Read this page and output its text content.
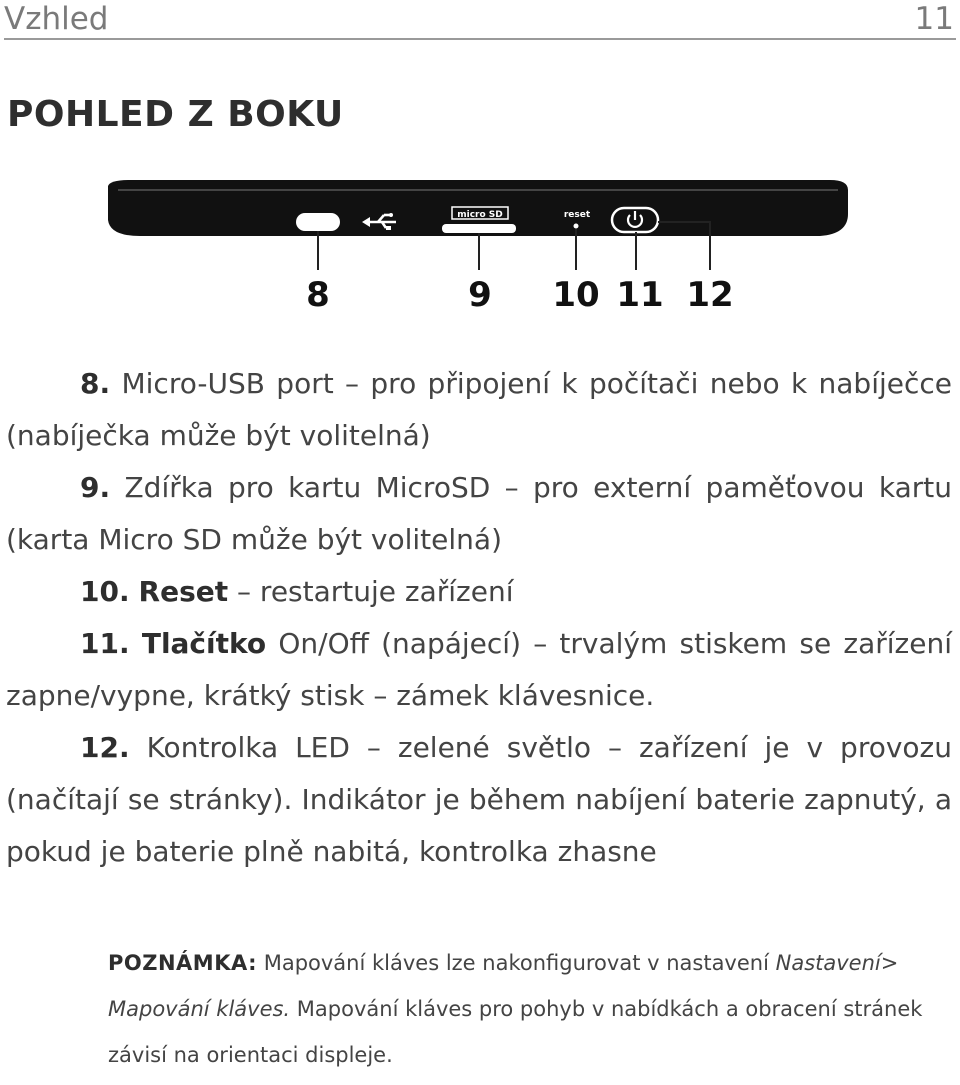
Vzhled	11
POHLED Z BOKU
micro SD	reset
8	9 10 11 12

8. Micro-USB port – pro připojení k počítači nebo k nabíječce (nabíječka může být volitelná)

9. Zdířka pro kartu MicroSD – pro externí paměťovou kartu (karta Micro SD může být volitelná)

10. Reset – restartuje zařízení

11. Tlačítko On/Off (napájecí) – trvalým stiskem se zařízení zapne/vypne, krátký stisk – zámek klávesnice.

12. Kontrolka LED – zelené světlo – zařízení je v provozu (načítají se stránky). Indikátor je během nabíjení baterie zapnutý, a pokud je baterie plně nabitá, kontrolka zhasne

POZNÁMKA: Mapování kláves lze nakonfigurovat v nastavení Nastavení> Mapování kláves. Mapování kláves pro pohyb v nabídkách a obracení stránek závisí na orientaci displeje.
